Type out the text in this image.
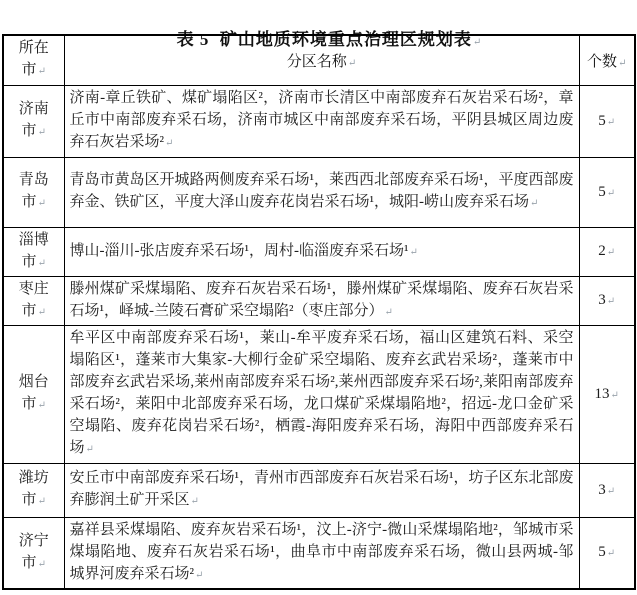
表 5  矿山地质环境重点治理区规划表↵

所在市↵	分区名称↵	个数↵

济南市↵	济南-章丘铁矿、煤矿塌陷区²，济南市长清区中南部废弃石灰岩采石场²，章丘市中南部废弃采石场，济南市城区中南部废弃采石场，平阴县城区周边废弃石灰岩采场²↵	5↵

青岛市↵	青岛市黄岛区开城路两侧废弃采石场¹，莱西西北部废弃采石场¹，平度西部废弃金、铁矿区，平度大泽山废弃花岗岩采石场¹，城阳-崂山废弃采石场↵	5↵

淄博市↵	博山-淄川-张店废弃采石场¹，周村-临淄废弃采石场¹↵	2↵

枣庄市↵	滕州煤矿采煤塌陷、废弃石灰岩采石场¹，滕州煤矿采煤塌陷、废弃石灰岩采石场¹，峄城-兰陵石膏矿采空塌陷²（枣庄部分）↵	3↵

烟台市↵	牟平区中南部废弃采石场¹，莱山-牟平废弃采石场，福山区建筑石料、采空塌陷区¹，蓬莱市大集家-大柳行金矿采空塌陷、废弃玄武岩采场²，蓬莱市中部废弃玄武岩采场,莱州南部废弃采石场²,莱州西部废弃采石场²,莱阳南部废弃采石场²，莱阳中北部废弃采石场，龙口煤矿采煤塌陷地²，招远-龙口金矿采空塌陷、废弃花岗岩采石场²，栖霞-海阳废弃采石场，海阳中西部废弃采石场↵	13↵

潍坊市↵	安丘市中南部废弃采石场¹，青州市西部废弃石灰岩采石场¹，坊子区东北部废弃膨润土矿开采区↵	3↵

济宁市↵	嘉祥县采煤塌陷、废弃灰岩采石场¹，汶上-济宁-微山采煤塌陷地²，邹城市采煤塌陷地、废弃石灰岩采石场¹，曲阜市中南部废弃采石场，微山县两城-邹城界河废弃采石场²↵	5↵
